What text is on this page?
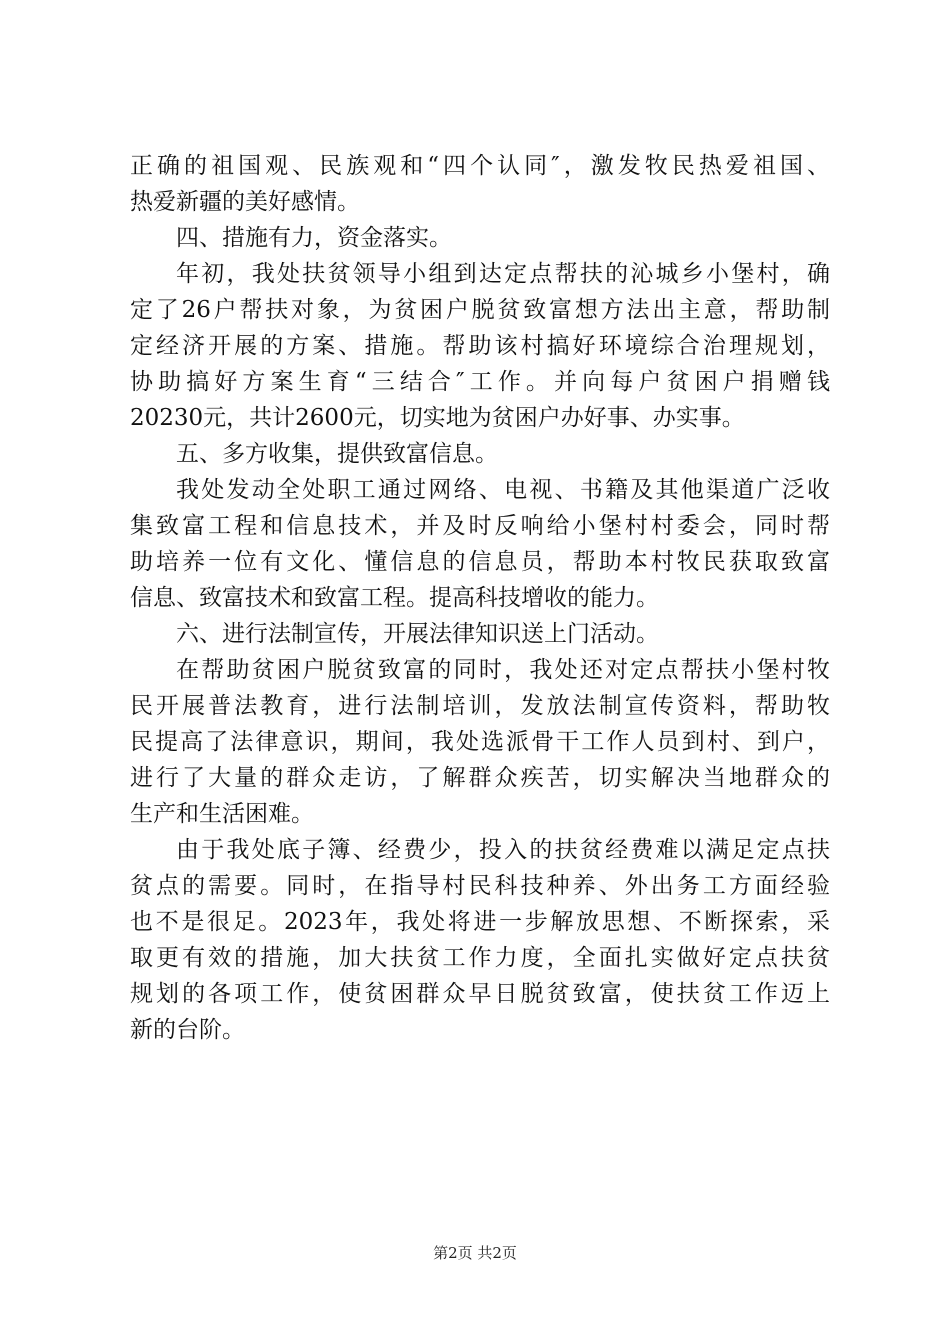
正确的祖国观、民族观和“四个认同″，激发牧民热爱祖国、
热爱新疆的美好感情。
四、措施有力，资金落实。
年初，我处扶贫领导小组到达定点帮扶的沁城乡小堡村，确
定了26户帮扶对象，为贫困户脱贫致富想方法出主意，帮助制
定经济开展的方案、措施。帮助该村搞好环境综合治理规划，
协助搞好方案生育“三结合″工作。并向每户贫困户捐赠钱
20230元，共计2600元，切实地为贫困户办好事、办实事。
五、多方收集，提供致富信息。
我处发动全处职工通过网络、电视、书籍及其他渠道广泛收
集致富工程和信息技术，并及时反响给小堡村村委会，同时帮
助培养一位有文化、懂信息的信息员，帮助本村牧民获取致富
信息、致富技术和致富工程。提高科技增收的能力。
六、进行法制宣传，开展法律知识送上门活动。
在帮助贫困户脱贫致富的同时，我处还对定点帮扶小堡村牧
民开展普法教育，进行法制培训，发放法制宣传资料，帮助牧
民提高了法律意识，期间，我处选派骨干工作人员到村、到户，
进行了大量的群众走访，了解群众疾苦，切实解决当地群众的
生产和生活困难。
由于我处底子簿、经费少，投入的扶贫经费难以满足定点扶
贫点的需要。同时，在指导村民科技种养、外出务工方面经验
也不是很足。2023年，我处将进一步解放思想、不断探索，采
取更有效的措施，加大扶贫工作力度，全面扎实做好定点扶贫
规划的各项工作，使贫困群众早日脱贫致富，使扶贫工作迈上
新的台阶。
第2页 共2页
